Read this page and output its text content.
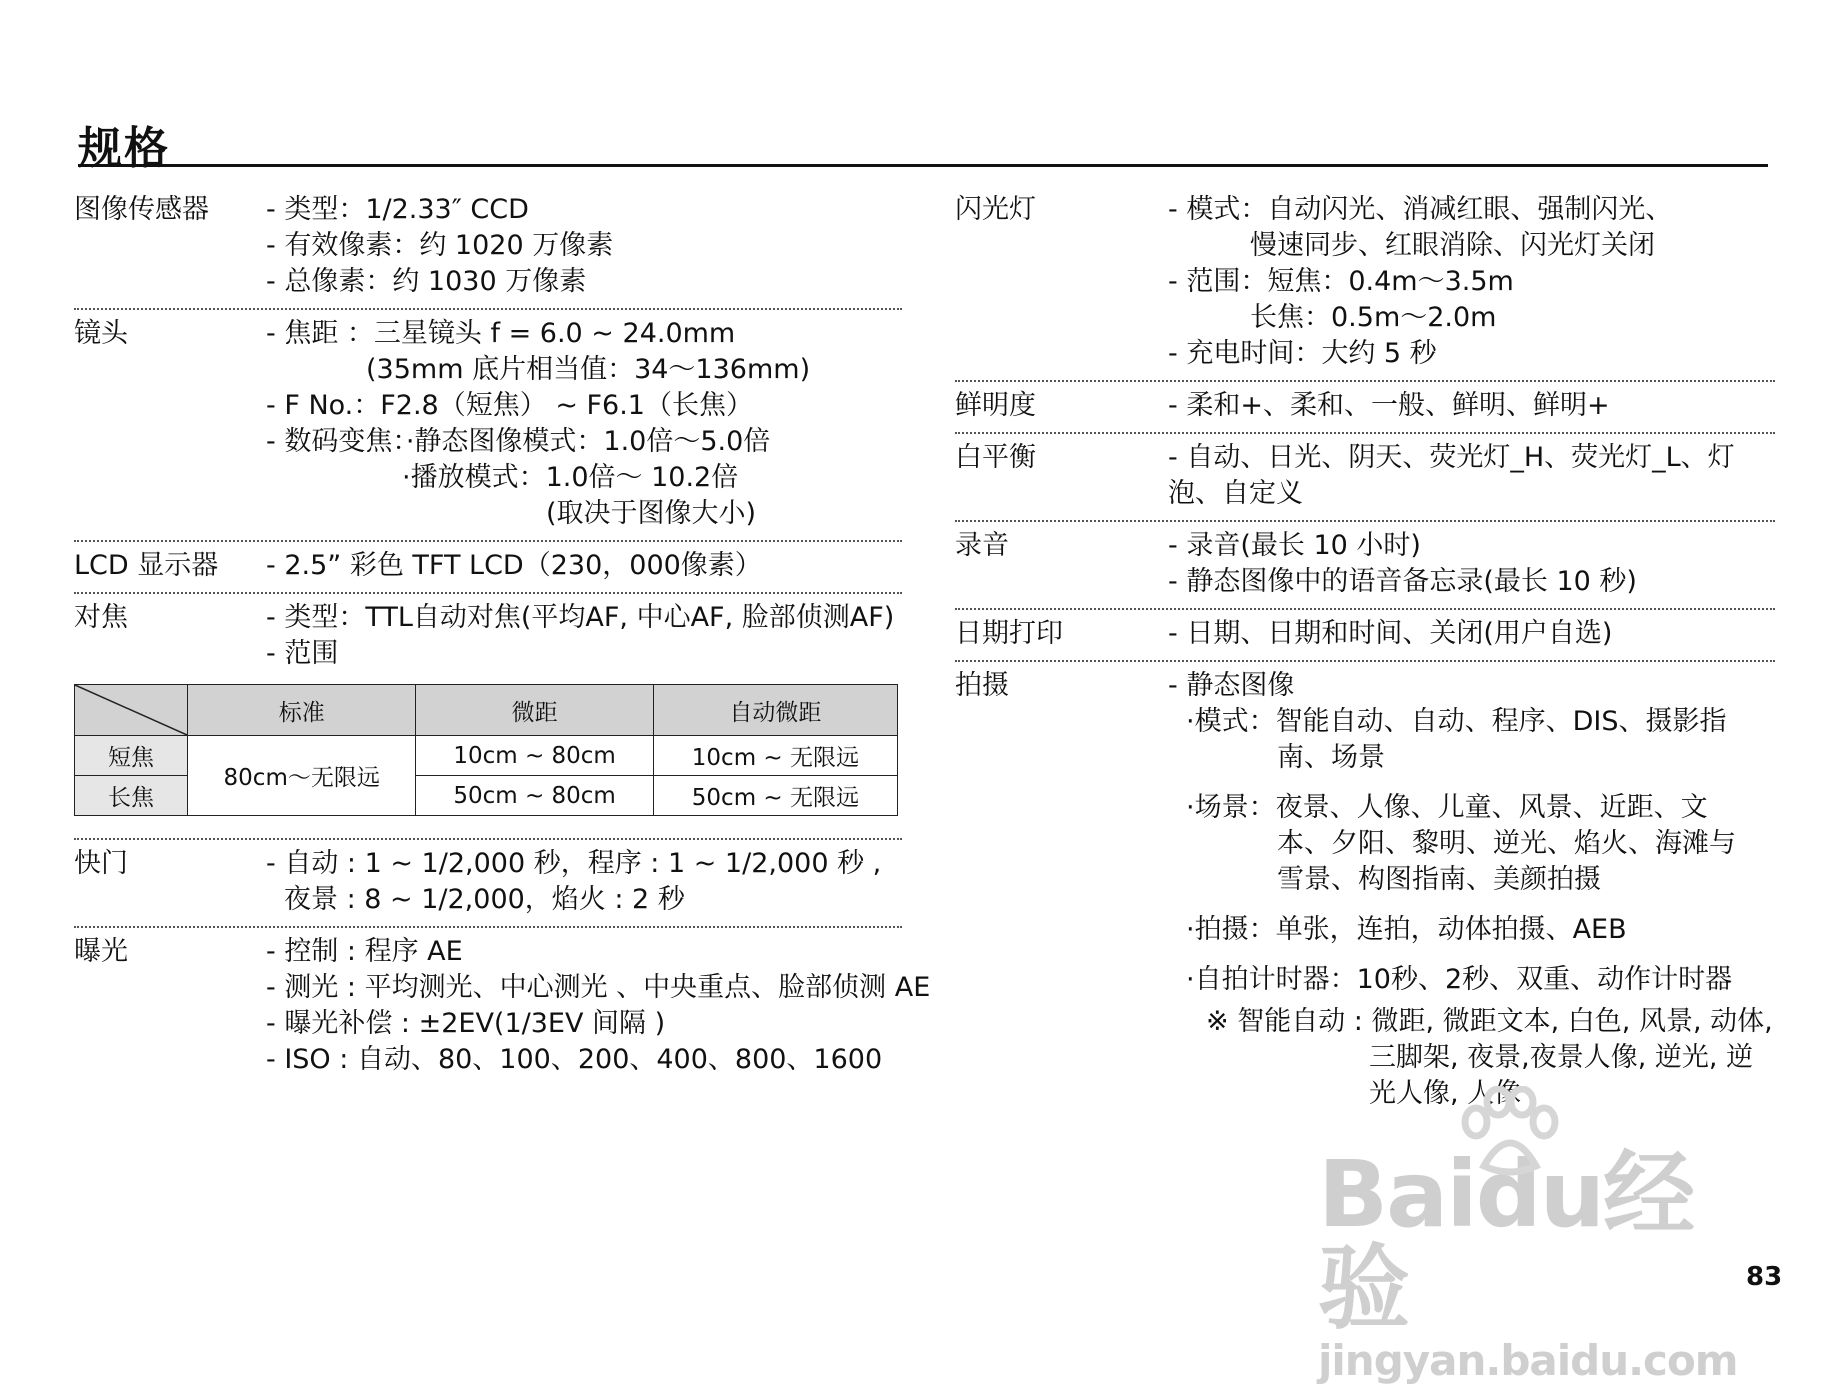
规格
图像传感器 - 类型：1/2.33″ CCD
- 有效像素：约 1020 万像素
- 总像素：约 1030 万像素
镜头	- 焦距 ：三星镜头 f = 6.0 ~ 24.0mm
(35mm 底片相当值：34～136mm)
- F No.：F2.8（短焦） ~ F6.1（长焦）
- 数码变焦：·静态图像模式：1.0倍～5.0倍
·播放模式：1.0倍～ 10.2倍
(取决于图像大小)
LCD 显示器 - 2.5” 彩色 TFT LCD（230，000像素）
对焦	- 类型：TTL自动对焦(平均AF, 中心AF, 脸部侦测AF)
- 范围
	标准	微距	自动微距
短焦	80cm～无限远	10cm ~ 80cm	10cm ~ 无限远
长焦		50cm ~ 80cm	50cm ~ 无限远
快门	- 自动 : 1 ~ 1/2,000 秒，程序 : 1 ~ 1/2,000 秒 ,
夜景 : 8 ~ 1/2,000，焰火 : 2 秒
曝光	- 控制 : 程序 AE
- 测光 : 平均测光、中心测光 、中央重点、脸部侦测 AE
- 曝光补偿 : ±2EV(1/3EV 间隔 )
- ISO : 自动、80、100、200、400、800、1600
闪光灯	- 模式：自动闪光、消减红眼、强制闪光、
慢速同步、红眼消除、闪光灯关闭
- 范围：短焦：0.4m～3.5m
长焦：0.5m～2.0m
- 充电时间：大约 5 秒
鲜明度	- 柔和+、柔和、一般、鲜明、鲜明+
白平衡	- 自动、日光、阴天、荧光灯_H、荧光灯_L、灯泡、自定义
录音	- 录音(最长 10 小时)
- 静态图像中的语音备忘录(最长 10 秒)
日期打印	- 日期、日期和时间、关闭(用户自选)
拍摄	- 静态图像
·模式：智能自动、自动、程序、DIS、摄影指
南、场景
·场景：夜景、人像、儿童、风景、近距、文
本、夕阳、黎明、逆光、焰火、海滩与
雪景、构图指南、美颜拍摄
·拍摄：单张，连拍，动体拍摄、AEB
·自拍计时器：10秒、2秒、双重、动作计时器
※ 智能自动 : 微距, 微距文本, 白色, 风景, 动体,
三脚架, 夜景,夜景人像, 逆光, 逆
光人像, 人像
Baidu经验
jingyan.baidu.com
83
